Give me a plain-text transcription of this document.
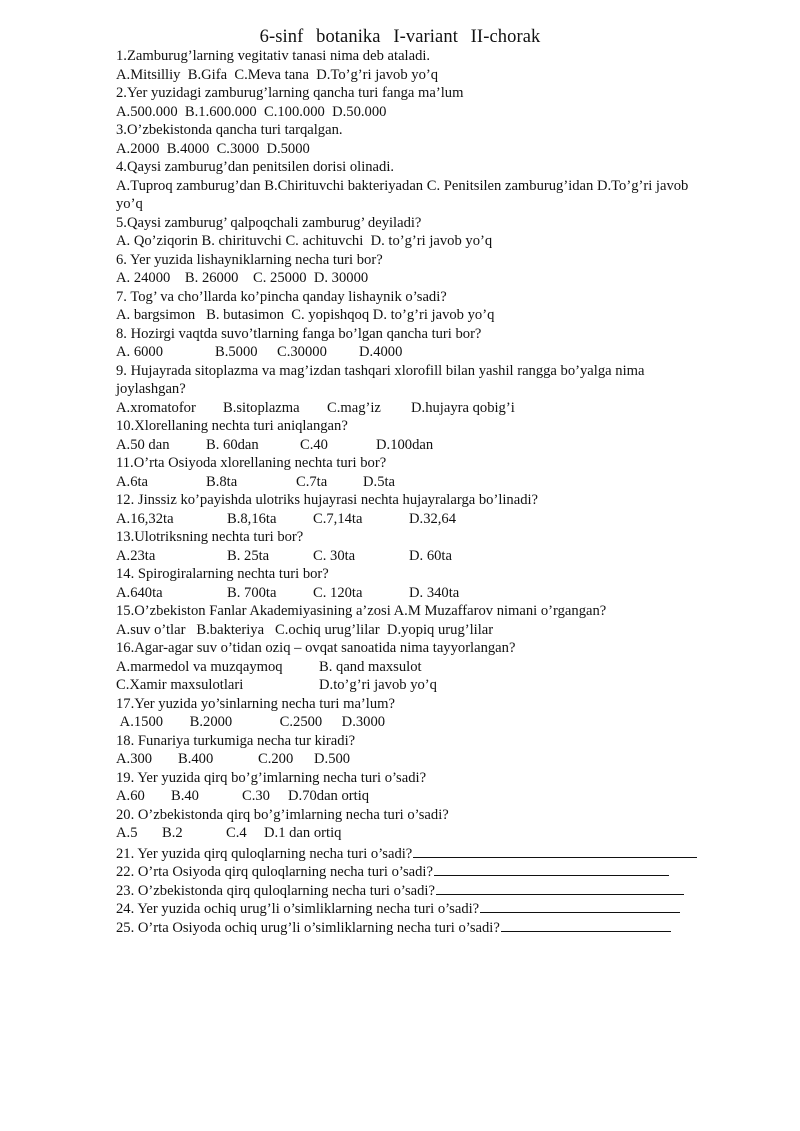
6-sinf botanika I-variant II-chorak
1.Zamburug’larning vegitativ tanasi nima deb ataladi.
A.Mitsilliy B.Gifa C.Meva tana D.To’g’ri javob yo’q
2.Yer yuzidagi zamburug’larning qancha turi fanga ma’lum
A.500.000 B.1.600.000 C.100.000 D.50.000
3.O’zbekistonda qancha turi tarqalgan.
A.2000 B.4000 C.3000 D.5000
4.Qaysi zamburug’dan penitsilen dorisi olinadi.
A.Tuproq zamburug’dan B.Chirituvchi bakteriyadan C. Penitsilen zamburug’idan D.To’g’ri javob
yo’q
5.Qaysi zamburug’ qalpoqchali zamburug’ deyiladi?
A. Qo’ziqorin B. chirituvchi C. achituvchi D. to’g’ri javob yo’q
6. Yer yuzida lishayniklarning necha turi bor?
A. 24000 B. 26000 C. 25000 D. 30000
7. Tog’ va cho’llarda ko’pincha qanday lishaynik o’sadi?
A. bargsimon B. butasimon C. yopishqoq D. to’g’ri javob yo’q
8. Hozirgi vaqtda suvo’tlarning fanga bo’lgan qancha turi bor?
A. 6000	B.5000 C.30000 D.4000
9. Hujayrada sitoplazma va mag’izdan tashqari xlorofill bilan yashil rangga bo’yalga nima
joylashgan?
A.xromatofor B.sitoplazma C.mag’iz D.hujayra qobig’i
10.Xlorellaning nechta turi aniqlangan?
A.50 dan B. 60dan	C.40	D.100dan
11.O’rta Osiyoda xlorellaning nechta turi bor?
A.6ta	B.8ta	C.7ta D.5ta
12. Jinssiz ko’payishda ulotriks hujayrasi nechta hujayralarga bo’linadi?
A.16,32ta	B.8,16ta	C.7,14ta	D.32,64
13.Ulotriksning nechta turi bor?
A.23ta	B. 25ta	C. 30ta	D. 60ta
14. Spirogiralarning nechta turi bor?
A.640ta	B. 700ta	C. 120ta	D. 340ta
15.O’zbekiston Fanlar Akademiyasining a’zosi A.M Muzaffarov nimani o’rgangan?
A.suv o’tlar B.bakteriya C.ochiq urug’lilar D.yopiq urug’lilar
16.Agar-agar suv o’tidan oziq – ovqat sanoatida nima tayyorlangan?
A.marmedol va muzqaymoq B. qand maxsulot
C.Xamir maxsulotlari	D.to’g’ri javob yo’q
17.Yer yuzida yo’sinlarning necha turi ma’lum?
A.1500 B.2000	C.2500 D.3000
18. Funariya turkumiga necha tur kiradi?
A.300 B.400	C.200 D.500
19. Yer yuzida qirq bo’g’imlarning necha turi o’sadi?
A.60 B.40	C.30 D.70dan ortiq
20. O’zbekistonda qirq bo’g’imlarning necha turi o’sadi?
A.5 B.2	C.4 D.1 dan ortiq
21. Yer yuzida qirq quloqlarning necha turi o’sadi?
22. O’rta Osiyoda qirq quloqlarning necha turi o’sadi?
23. O’zbekistonda qirq quloqlarning necha turi o’sadi?
24. Yer yuzida ochiq urug’li o’simliklarning necha turi o’sadi?
25. O’rta Osiyoda ochiq urug’li o’simliklarning necha turi o’sadi?
